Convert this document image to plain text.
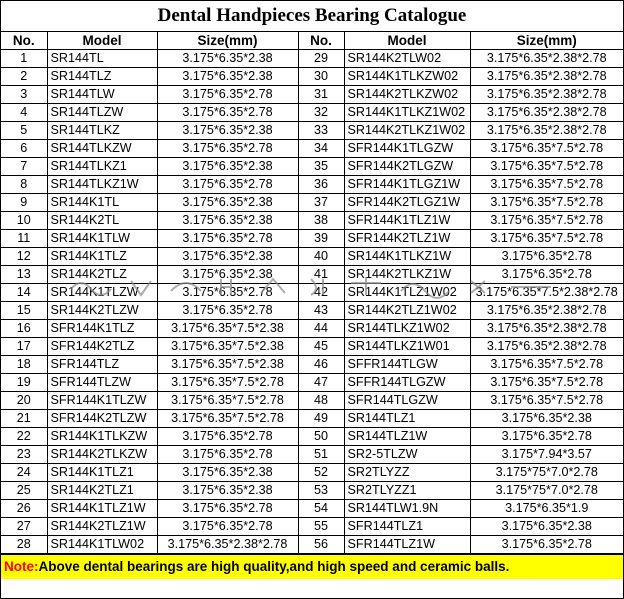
Dental Handpieces Bearing Catalogue
No.	Model	Size(mm)	No.	Model	Size(mm)
1	SR144TL	3.175*6.35*2.38	29	SR144K2TLW02	3.175*6.35*2.38*2.78
2	SR144TLZ	3.175*6.35*2.38	30	SR144K1TLKZW02	3.175*6.35*2.38*2.78
3	SR144TLW	3.175*6.35*2.78	31	SR144K2TLKZW02	3.175*6.35*2.38*2.78
4	SR144TLZW	3.175*6.35*2.78	32	SR144K1TLKZ1W02	3.175*6.35*2.38*2.78
5	SR144TLKZ	3.175*6.35*2.38	33	SR144K2TLKZ1W02	3.175*6.35*2.38*2.78
6	SR144TLKZW	3.175*6.35*2.78	34	SFR144K1TLGZW	3.175*6.35*7.5*2.78
7	SR144TLKZ1	3.175*6.35*2.38	35	SFR144K2TLGZW	3.175*6.35*7.5*2.78
8	SR144TLKZ1W	3.175*6.35*2.78	36	SFR144K1TLGZ1W	3.175*6.35*7.5*2.78
9	SR144K1TL	3.175*6.35*2.38	37	SFR144K2TLGZ1W	3.175*6.35*7.5*2.78
10	SR144K2TL	3.175*6.35*2.38	38	SFR144K1TLZ1W	3.175*6.35*7.5*2.78
11	SR144K1TLW	3.175*6.35*2.78	39	SFR144K2TLZ1W	3.175*6.35*7.5*2.78
12	SR144K1TLZ	3.175*6.35*2.38	40	SR144K1TLKZ1W	3.175*6.35*2.78
13	SR144K2TLZ	3.175*6.35*2.38	41	SR144K2TLKZ1W	3.175*6.35*2.78
14	SR144K1TLZW	3.175*6.35*2.78	42	SR144K1TLZ1W02	3.175*6.35*7.5*2.38*2.78
15	SR144K2TLZW	3.175*6.35*2.78	43	SR144K2TLZ1W02	3.175*6.35*2.38*2.78
16	SFR144K1TLZ	3.175*6.35*7.5*2.38	44	SR144TLKZ1W02	3.175*6.35*2.38*2.78
17	SFR144K2TLZ	3.175*6.35*7.5*2.38	45	SR144TLKZ1W01	3.175*6.35*2.38*2.78
18	SFR144TLZ	3.175*6.35*7.5*2.38	46	SFFR144TLGW	3.175*6.35*7.5*2.78
19	SFR144TLZW	3.175*6.35*7.5*2.78	47	SFFR144TLGZW	3.175*6.35*7.5*2.78
20	SFR144K1TLZW	3.175*6.35*7.5*2.78	48	SFR144TLGZW	3.175*6.35*7.5*2.78
21	SFR144K2TLZW	3.175*6.35*7.5*2.78	49	SR144TLZ1	3.175*6.35*2.38
22	SR144K1TLKZW	3.175*6.35*2.78	50	SR144TLZ1W	3.175*6.35*2.78
23	SR144K2TLKZW	3.175*6.35*2.78	51	SR2-5TLZW	3.175*7.94*3.57
24	SR144K1TLZ1	3.175*6.35*2.38	52	SR2TLYZZ	3.175*75*7.0*2.78
25	SR144K2TLZ1	3.175*6.35*2.38	53	SR2TLYZZ1	3.175*75*7.0*2.78
26	SR144K1TLZ1W	3.175*6.35*2.78	54	SR144TLW1.9N	3.175*6.35*1.9
27	SR144K2TLZ1W	3.175*6.35*2.78	55	SFR144TLZ1	3.175*6.35*2.38
28	SR144K1TLW02	3.175*6.35*2.38*2.78	56	SFR144TLZ1W	3.175*6.35*2.78
Note:Above dental bearings are high quality,and high speed and ceramic balls.
